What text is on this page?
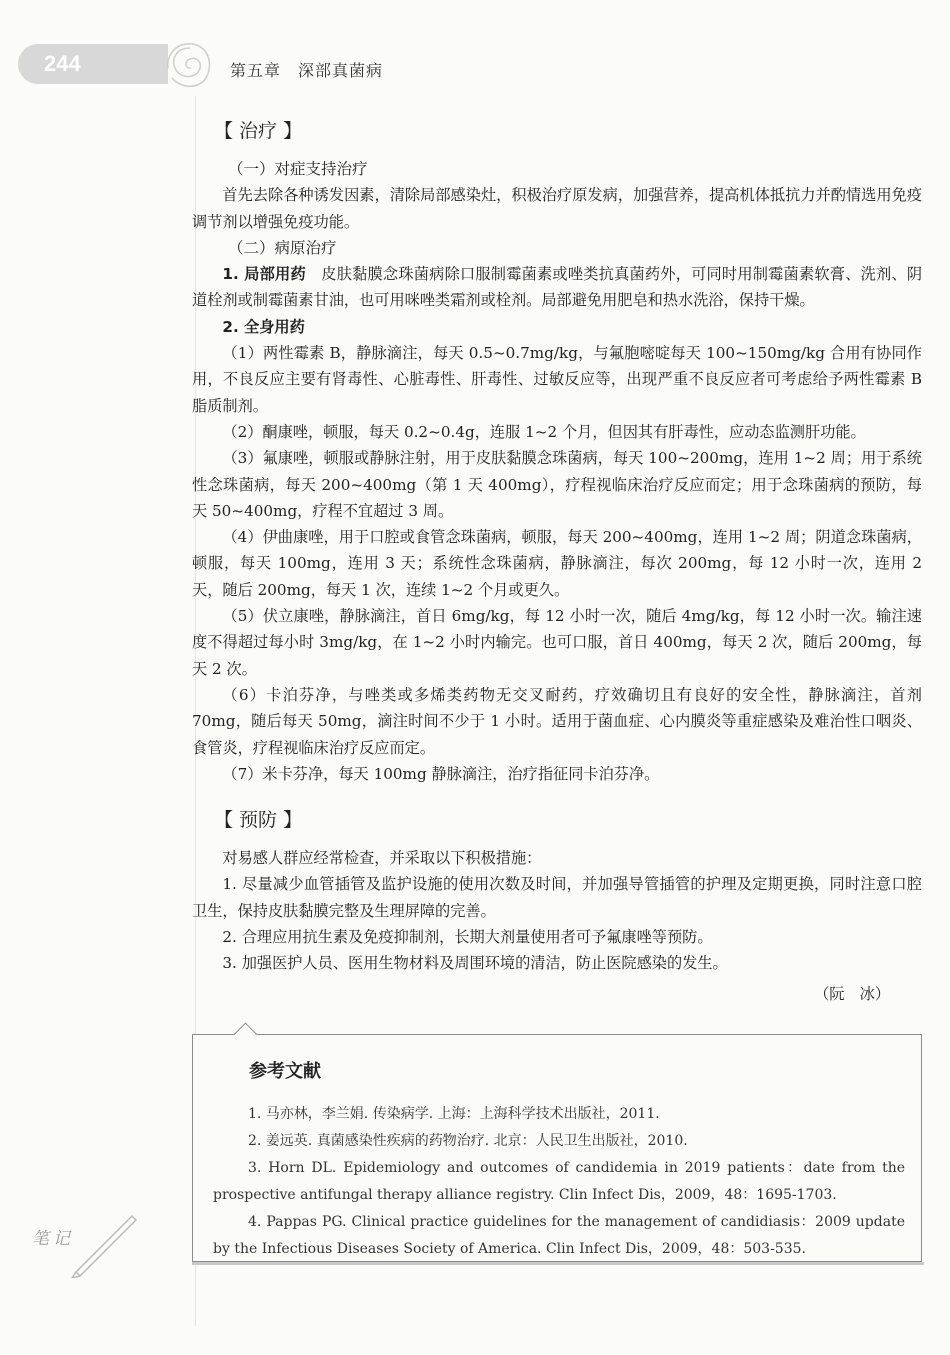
244	第五章　深部真菌病

【 治疗 】

（一）对症支持治疗

首先去除各种诱发因素，清除局部感染灶，积极治疗原发病，加强营养，提高机体抵抗力并酌情选用免疫调节剂以增强免疫功能。

（二）病原治疗

1. 局部用药　 皮肤黏膜念珠菌病除口服制霉菌素或唑类抗真菌药外，可同时用制霉菌素软膏、洗剂、阴道栓剂或制霉菌素甘油，也可用咪唑类霜剂或栓剂。局部避免用肥皂和热水洗浴，保持干燥。

2. 全身用药

（1）两性霉素 B，静脉滴注，每天 0.5~0.7mg/kg，与氟胞嘧啶每天 100~150mg/kg 合用有协同作用，不良反应主要有肾毒性、心脏毒性、肝毒性、过敏反应等，出现严重不良反应者可考虑给予两性霉素 B 脂质制剂。

（2）酮康唑，顿服，每天 0.2~0.4g，连服 1~2 个月，但因其有肝毒性，应动态监测肝功能。

（3）氟康唑，顿服或静脉注射，用于皮肤黏膜念珠菌病，每天 100~200mg，连用 1~2 周；用于系统性念珠菌病，每天 200~400mg（第 1 天 400mg），疗程视临床治疗反应而定；用于念珠菌病的预防，每天 50~400mg，疗程不宜超过 3 周。

（4）伊曲康唑，用于口腔或食管念珠菌病，顿服，每天 200~400mg，连用 1~2 周；阴道念珠菌病，顿服，每天 100mg，连用 3 天；系统性念珠菌病，静脉滴注，每次 200mg，每 12 小时一次，连用 2 天，随后 200mg，每天 1 次，连续 1~2 个月或更久。

（5）伏立康唑，静脉滴注，首日 6mg/kg，每 12 小时一次，随后 4mg/kg，每 12 小时一次。输注速度不得超过每小时 3mg/kg，在 1~2 小时内输完。也可口服，首日 400mg，每天 2 次，随后 200mg，每天 2 次。

（6）卡泊芬净，与唑类或多烯类药物无交叉耐药，疗效确切且有良好的安全性，静脉滴注，首剂 70mg，随后每天 50mg，滴注时间不少于 1 小时。适用于菌血症、心内膜炎等重症感染及难治性口咽炎、食管炎，疗程视临床治疗反应而定。

（7）米卡芬净，每天 100mg 静脉滴注，治疗指征同卡泊芬净。

【 预防 】

对易感人群应经常检查，并采取以下积极措施：

1. 尽量减少血管插管及监护设施的使用次数及时间，并加强导管插管的护理及定期更换，同时注意口腔卫生，保持皮肤黏膜完整及生理屏障的完善。

2. 合理应用抗生素及免疫抑制剂，长期大剂量使用者可予氟康唑等预防。

3. 加强医护人员、医用生物材料及周围环境的清洁，防止医院感染的发生。

（阮　冰）

参考文献

1. 马亦林，李兰娟. 传染病学. 上海：上海科学技术出版社，2011.

2. 姜远英. 真菌感染性疾病的药物治疗. 北京：人民卫生出版社，2010.

3. Horn DL. Epidemiology and outcomes of candidemia in 2019 patients：date from the prospective antifungal therapy alliance registry. Clin Infect Dis，2009，48：1695-1703.

4. Pappas PG. Clinical practice guidelines for the management of candidiasis：2009 update by the Infectious Diseases Society of America. Clin Infect Dis，2009，48：503-535.

笔记
